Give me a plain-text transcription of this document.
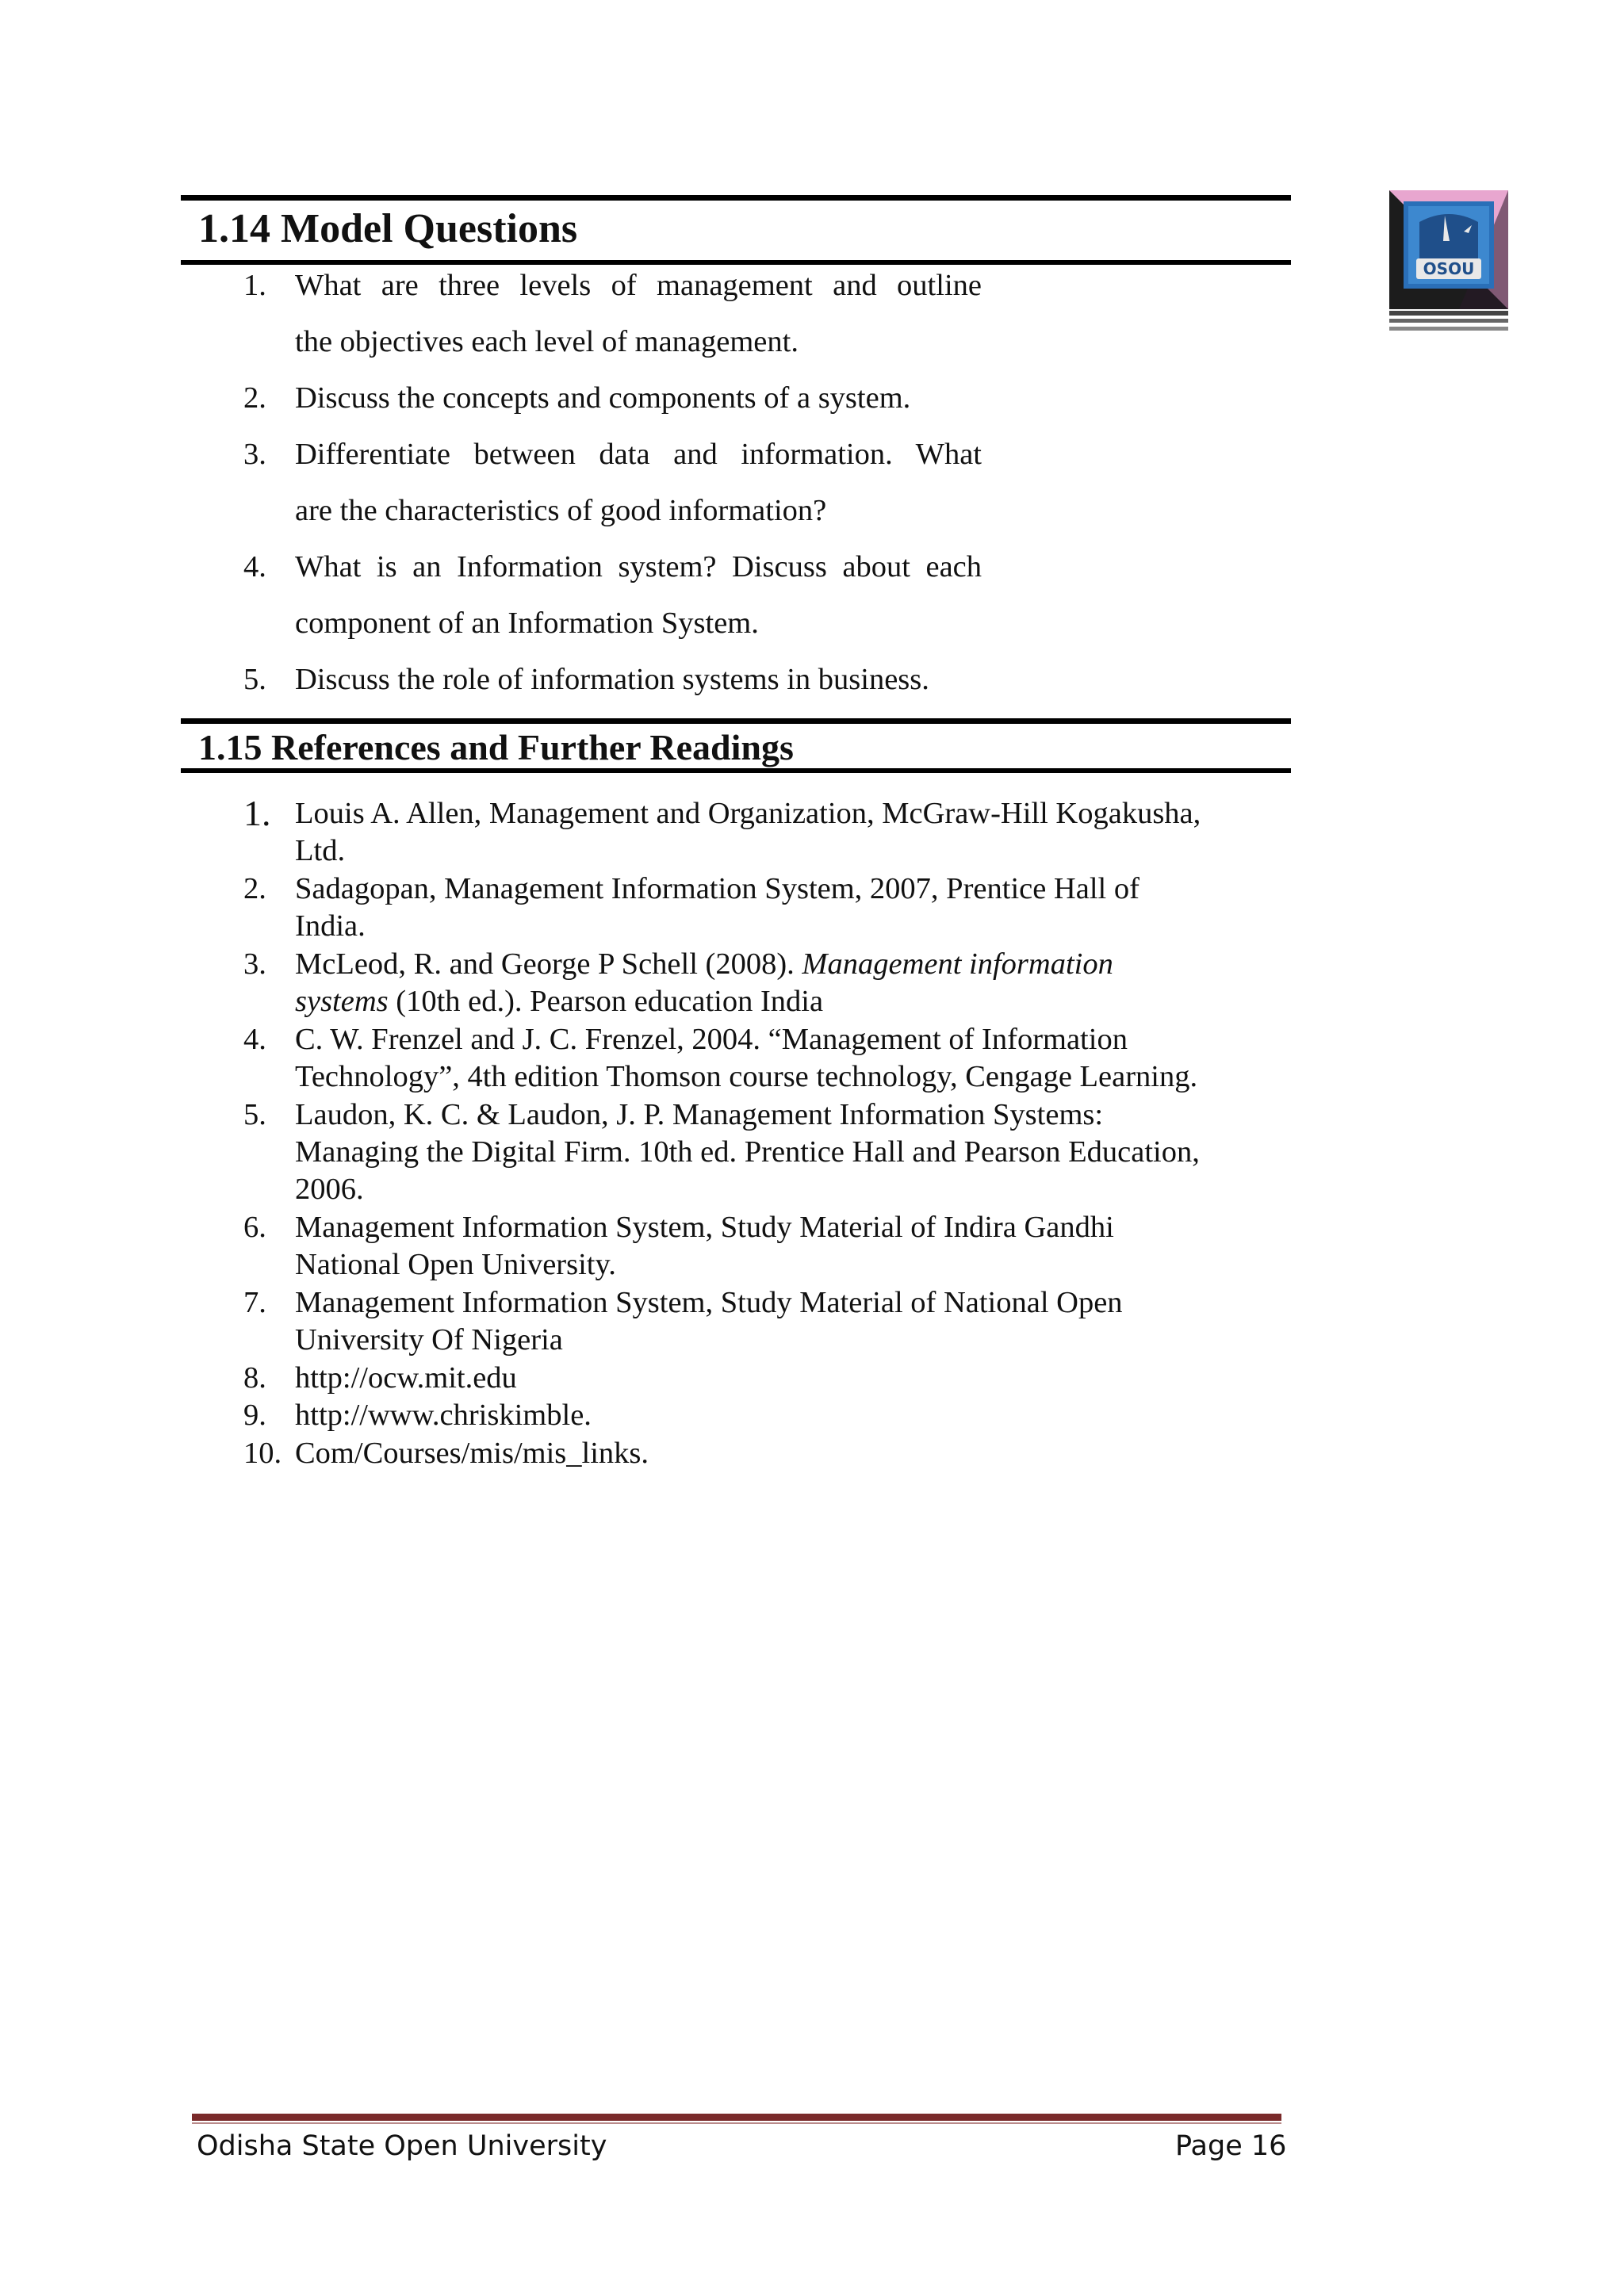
OSOU
1.14 Model Questions
1. What are three levels of management and outline
the objectives each level of management.
2. Discuss the concepts and components of a system.
3. Differentiate between data and information. What
are the characteristics of good information?
4. What is an Information system? Discuss about each
component of an Information System.
5. Discuss the role of information systems in business.
1.15 References and Further Readings
1. Louis A. Allen, Management and Organization, McGraw-Hill Kogakusha,
Ltd.
2. Sadagopan, Management Information System, 2007, Prentice Hall of
India.
3. McLeod, R. and George P Schell (2008). Management information
systems (10th ed.). Pearson education India
4. C. W. Frenzel and J. C. Frenzel, 2004. “Management of Information
Technology”, 4th edition Thomson course technology, Cengage Learning.
5. Laudon, K. C. & Laudon, J. P. Management Information Systems:
Managing the Digital Firm. 10th ed. Prentice Hall and Pearson Education,
2006.
6. Management Information System, Study Material of Indira Gandhi
National Open University.
7. Management Information System, Study Material of National Open
University Of Nigeria
8. http://ocw.mit.edu
9. http://www.chriskimble.
10. Com/Courses/mis/mis_links.
Odisha State Open University	Page 16
